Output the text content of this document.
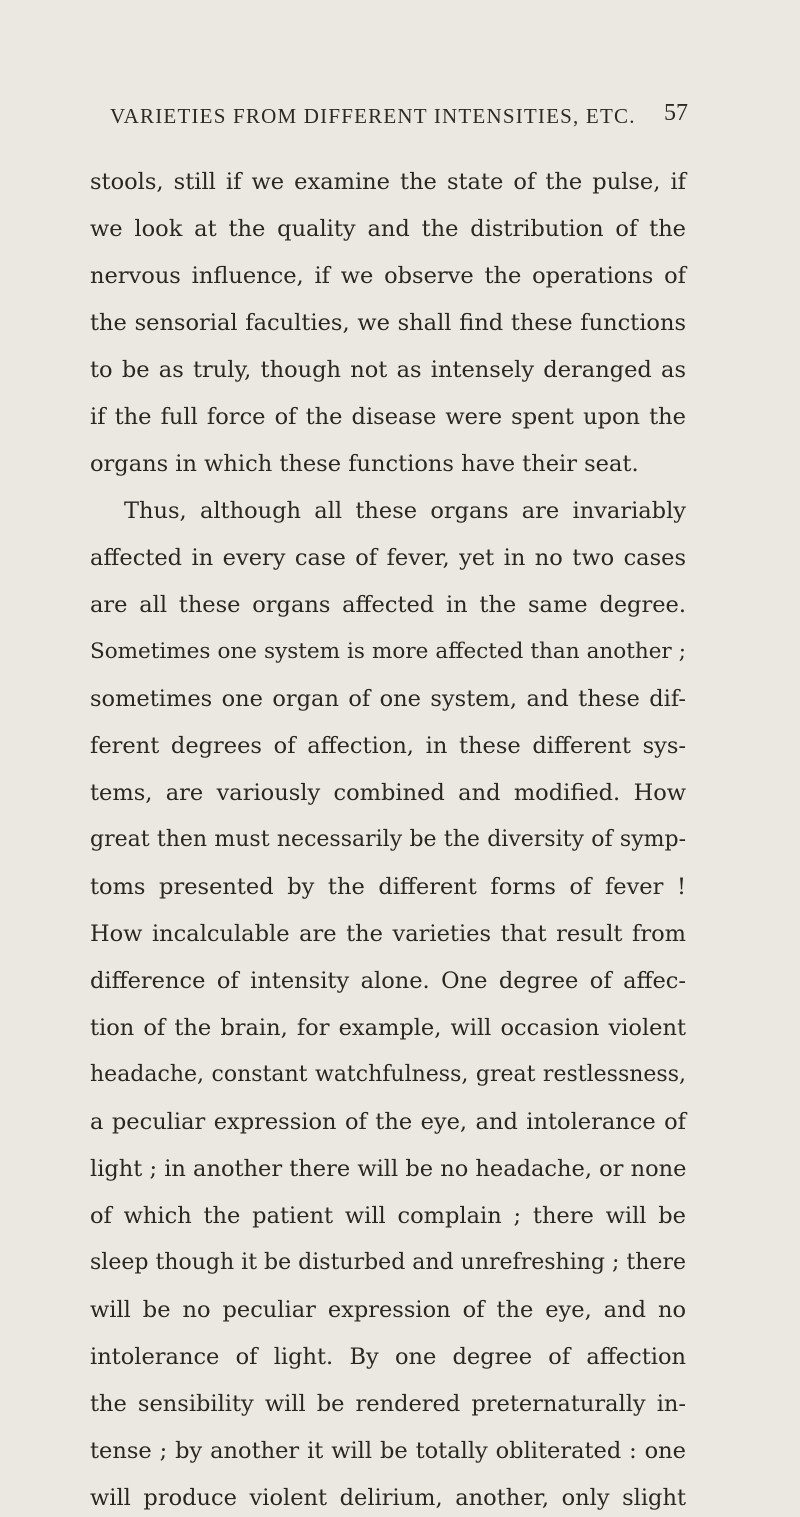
VARIETIES FROM DIFFERENT INTENSITIES, ETC. 57
stools, still if we examine the state of the pulse, if
we look at the quality and the distribution of the
nervous influence, if we observe the operations of
the sensorial faculties, we shall find these functions
to be as truly, though not as intensely deranged as
if the full force of the disease were spent upon the
organs in which these functions have their seat.
Thus, although all these organs are invariably
affected in every case of fever, yet in no two cases
are all these organs affected in the same degree.
Sometimes one system is more affected than another ;
sometimes one organ of one system, and these dif-
ferent degrees of affection, in these different sys-
tems, are variously combined and modified. How
great then must necessarily be the diversity of symp-
toms presented by the different forms of fever !
How incalculable are the varieties that result from
difference of intensity alone. One degree of affec-
tion of the brain, for example, will occasion violent
headache, constant watchfulness, great restlessness,
a peculiar expression of the eye, and intolerance of
light ; in another there will be no headache, or none
of which the patient will complain ; there will be
sleep though it be disturbed and unrefreshing ; there
will be no peculiar expression of the eye, and no
intolerance of light. By one degree of affection
the sensibility will be rendered preternaturally in-
tense ; by another it will be totally obliterated : one
will produce violent delirium, another, only slight
